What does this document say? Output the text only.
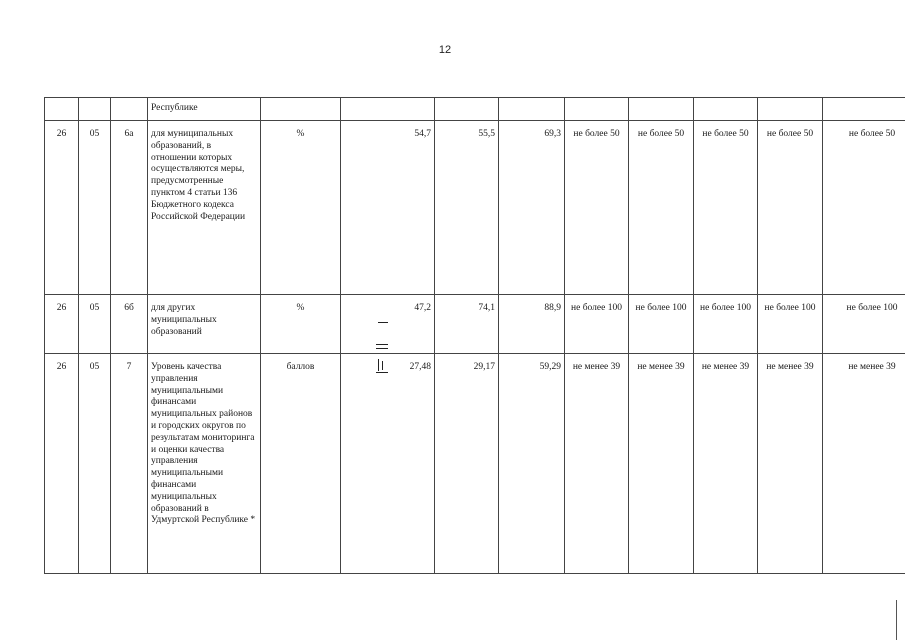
12
			Республике									
26	05	6а	для муниципальных образований, в отношении которых осуществляются меры, предусмотренные пунктом 4 статьи 136 Бюджетного кодекса Российской Федерации	%	54,7	55,5	69,3	не более 50	не более 50	не более 50	не более 50	не более 50
26	05	6б	для других муниципальных образований	%	47,2	74,1	88,9	не более 100	не более 100	не более 100	не более 100	не более 100
26	05	7	Уровень качества управления муниципальными финансами муниципальных районов и городских округов по результатам мониторинга и оценки качества управления муниципальными финансами муниципальных образований в Удмуртской Республике *	баллов	27,48	29,17	59,29	не менее 39	не менее 39	не менее 39	не менее 39	не менее 39
